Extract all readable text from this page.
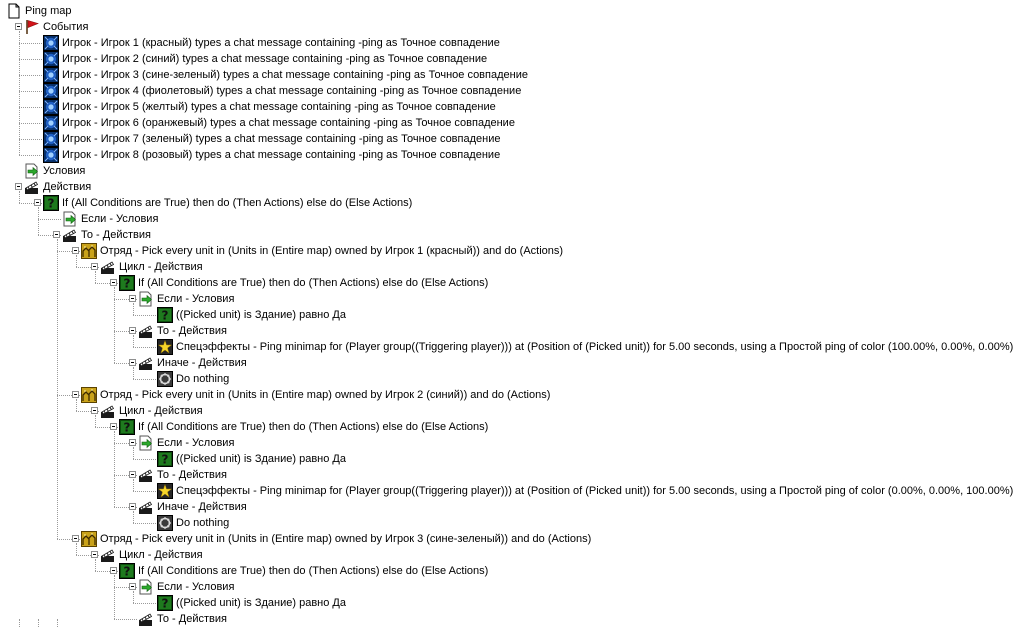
Ping map
События
Игрок - Игрок 1 (красный) types a chat message containing -ping as Точное совпадение
Игрок - Игрок 2 (синий) types a chat message containing -ping as Точное совпадение
Игрок - Игрок 3 (сине-зеленый) types a chat message containing -ping as Точное совпадение
Игрок - Игрок 4 (фиолетовый) types a chat message containing -ping as Точное совпадение
Игрок - Игрок 5 (желтый) types a chat message containing -ping as Точное совпадение
Игрок - Игрок 6 (оранжевый) types a chat message containing -ping as Точное совпадение
Игрок - Игрок 7 (зеленый) types a chat message containing -ping as Точное совпадение
Игрок - Игрок 8 (розовый) types a chat message containing -ping as Точное совпадение
Условия
Действия
? If (All Conditions are True) then do (Then Actions) else do (Else Actions)
Если - Условия
То - Действия
Отряд - Pick every unit in (Units in (Entire map) owned by Игрок 1 (красный)) and do (Actions)
Цикл - Действия
? If (All Conditions are True) then do (Then Actions) else do (Else Actions)
Если - Условия
? ((Picked unit) is Здание) равно Да
То - Действия
Спецэффекты - Ping minimap for (Player group((Triggering player))) at (Position of (Picked unit)) for 5.00 seconds, using a Простой ping of color (100.00%, 0.00%, 0.00%)
Иначе - Действия
Do nothing
Отряд - Pick every unit in (Units in (Entire map) owned by Игрок 2 (синий)) and do (Actions)
Цикл - Действия
? If (All Conditions are True) then do (Then Actions) else do (Else Actions)
Если - Условия
? ((Picked unit) is Здание) равно Да
То - Действия
Спецэффекты - Ping minimap for (Player group((Triggering player))) at (Position of (Picked unit)) for 5.00 seconds, using a Простой ping of color (0.00%, 0.00%, 100.00%)
Иначе - Действия
Do nothing
Отряд - Pick every unit in (Units in (Entire map) owned by Игрок 3 (сине-зеленый)) and do (Actions)
Цикл - Действия
? If (All Conditions are True) then do (Then Actions) else do (Else Actions)
Если - Условия
? ((Picked unit) is Здание) равно Да
То - Действия
